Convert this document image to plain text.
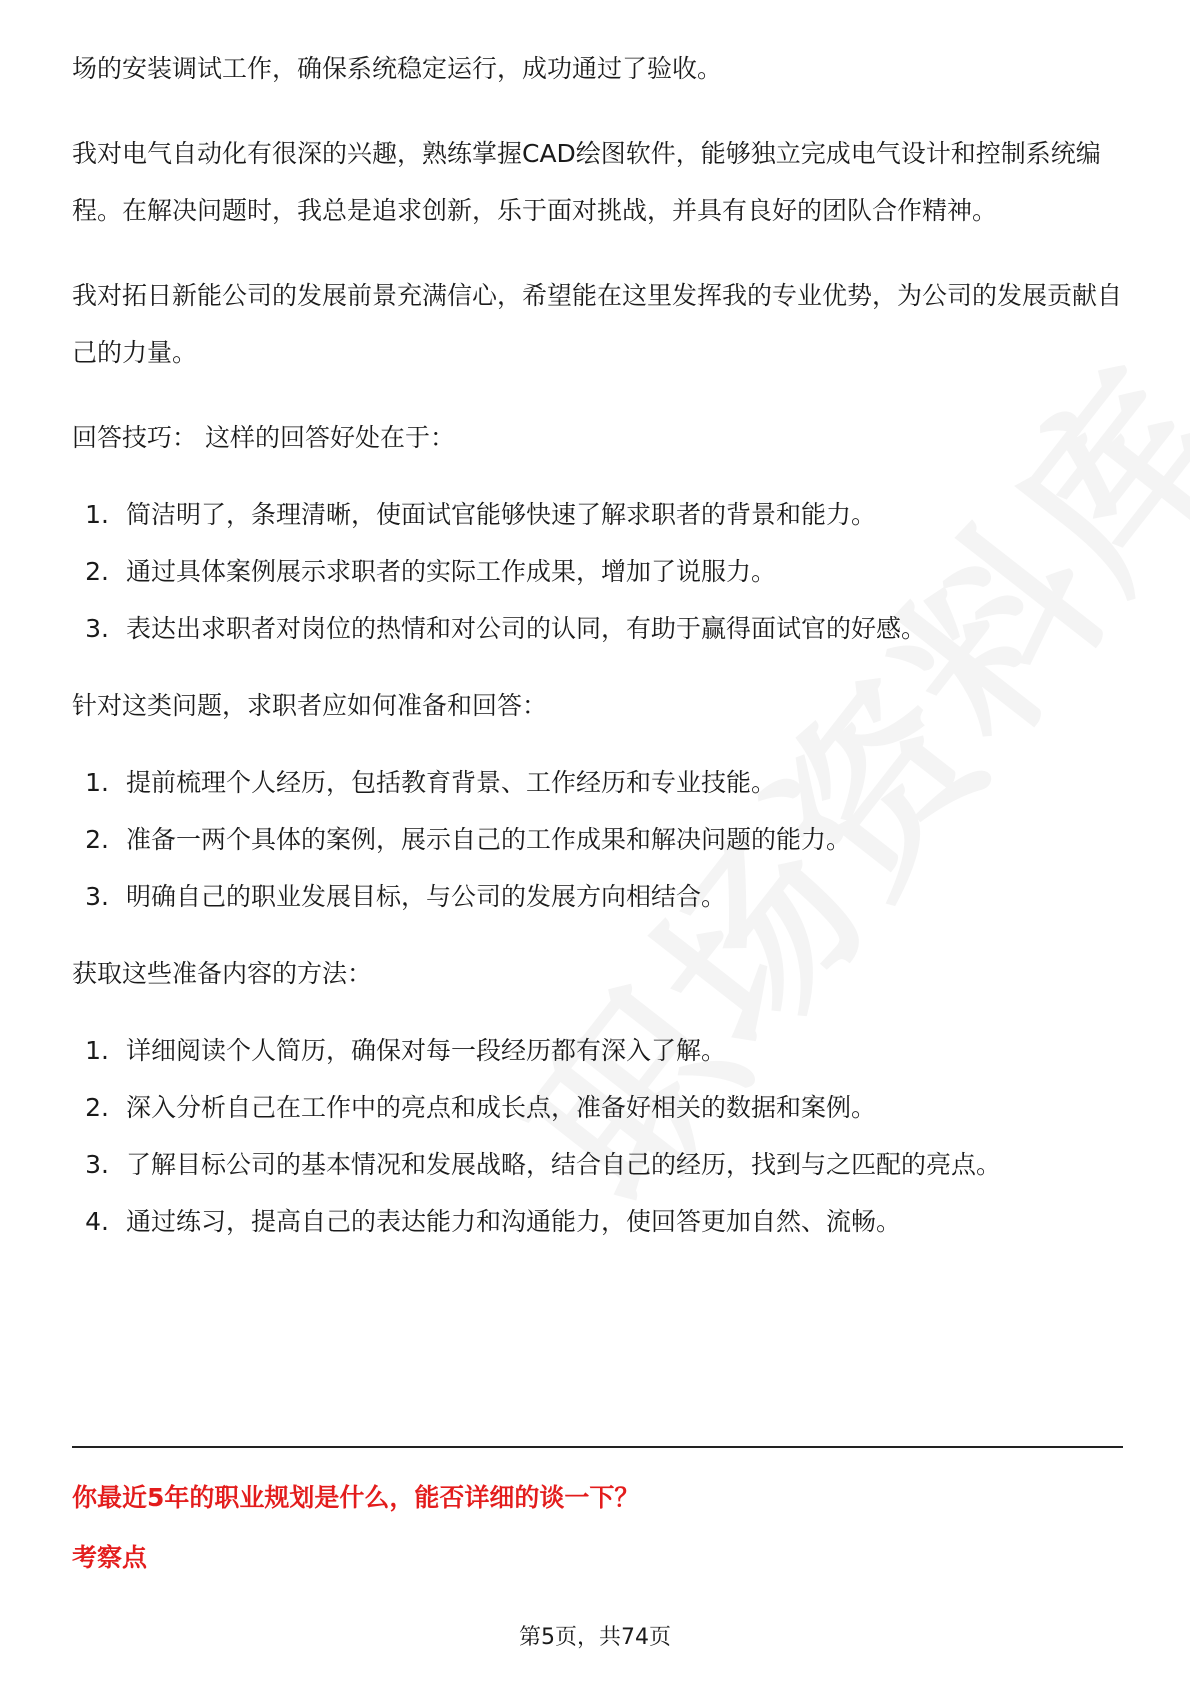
场的安装调试工作，确保系统稳定运行，成功通过了验收。

我对电气自动化有很深的兴趣，熟练掌握CAD绘图软件，能够独立完成电气设计和控制系统编程。在解决问题时，我总是追求创新，乐于面对挑战，并具有良好的团队合作精神。

我对拓日新能公司的发展前景充满信心，希望能在这里发挥我的专业优势，为公司的发展贡献自己的力量。

回答技巧： 这样的回答好处在于：

1. 简洁明了，条理清晰，使面试官能够快速了解求职者的背景和能力。
2. 通过具体案例展示求职者的实际工作成果，增加了说服力。
3. 表达出求职者对岗位的热情和对公司的认同，有助于赢得面试官的好感。

针对这类问题，求职者应如何准备和回答：

1. 提前梳理个人经历，包括教育背景、工作经历和专业技能。
2. 准备一两个具体的案例，展示自己的工作成果和解决问题的能力。
3. 明确自己的职业发展目标，与公司的发展方向相结合。

获取这些准备内容的方法：

1. 详细阅读个人简历，确保对每一段经历都有深入了解。
2. 深入分析自己在工作中的亮点和成长点，准备好相关的数据和案例。
3. 了解目标公司的基本情况和发展战略，结合自己的经历，找到与之匹配的亮点。
4. 通过练习，提高自己的表达能力和沟通能力，使回答更加自然、流畅。
你最近5年的职业规划是什么，能否详细的谈一下？
考察点
第5页，共74页
